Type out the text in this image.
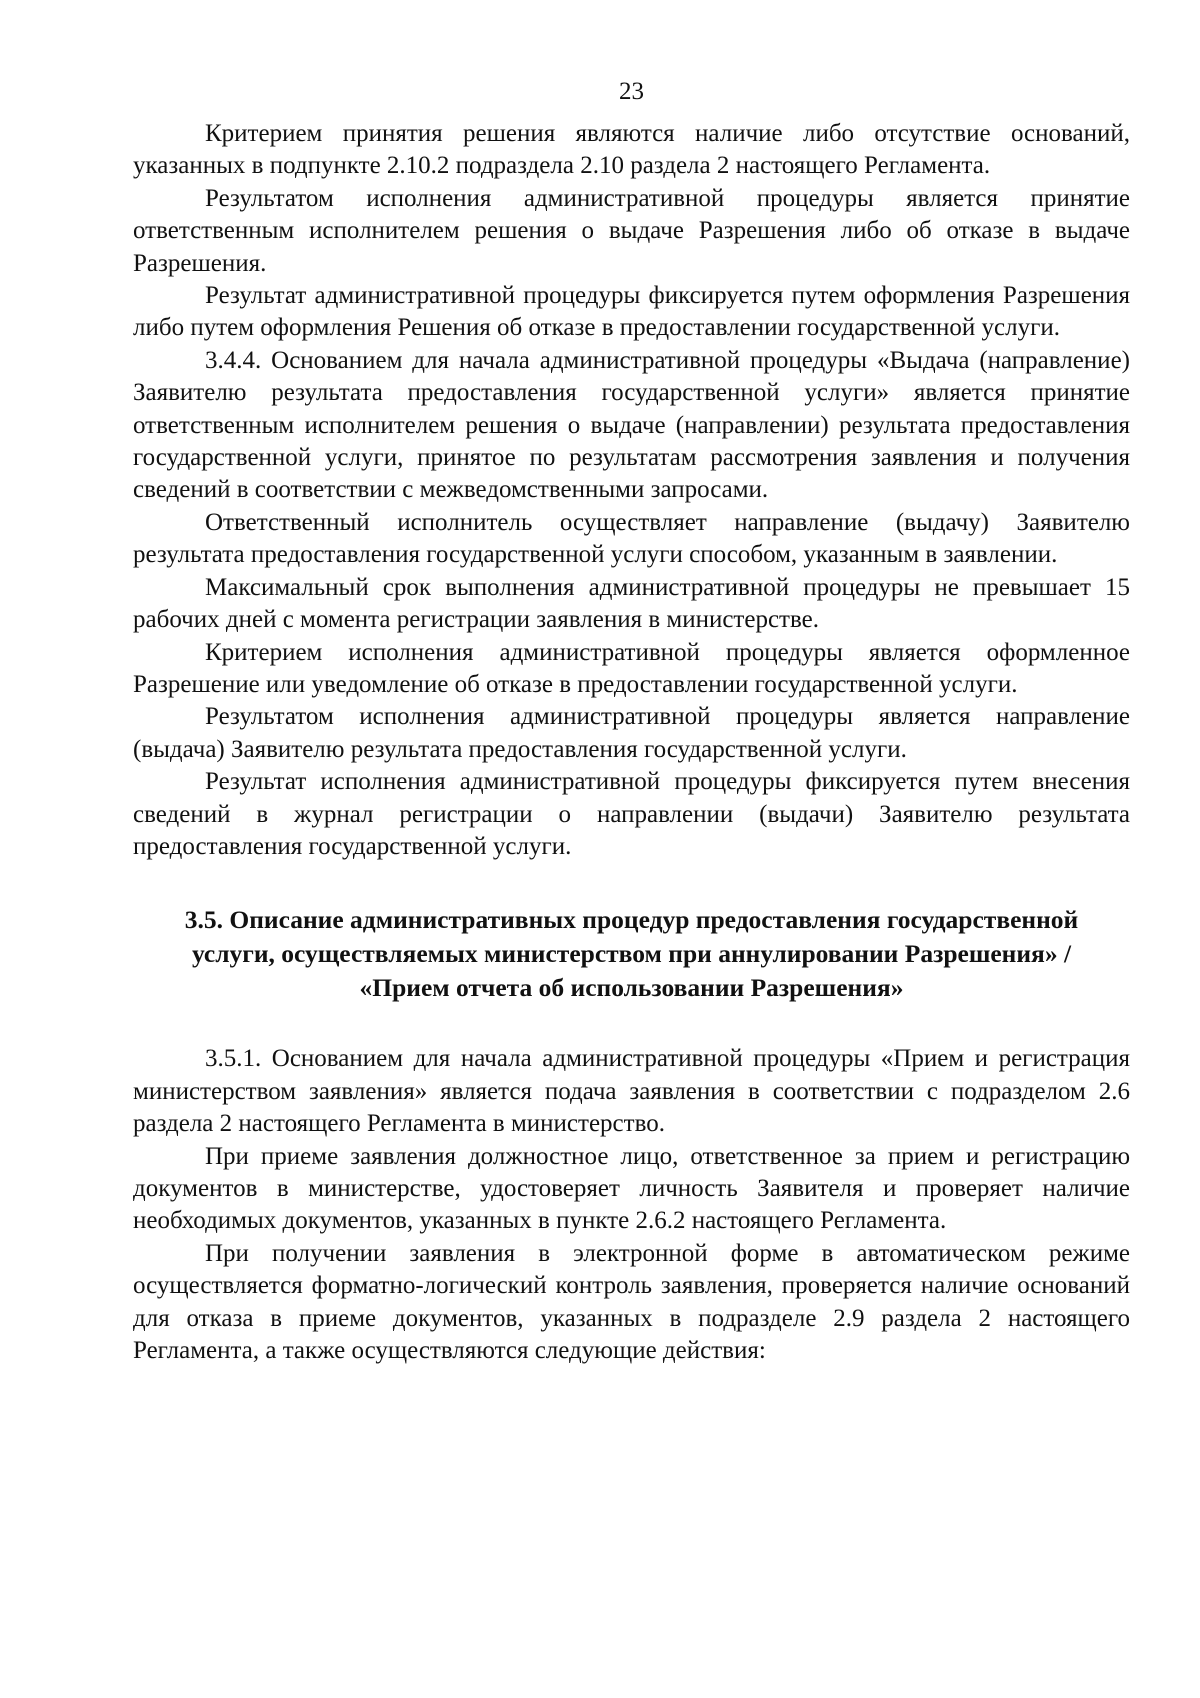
23

Критерием принятия решения являются наличие либо отсутствие оснований, указанных в подпункте 2.10.2 подраздела 2.10 раздела 2 настоящего Регламента.

Результатом исполнения административной процедуры является принятие ответственным исполнителем решения о выдаче Разрешения либо об отказе в выдаче Разрешения.

Результат административной процедуры фиксируется путем оформления Разрешения либо путем оформления Решения об отказе в предоставлении государственной услуги.

3.4.4. Основанием для начала административной процедуры «Выдача (направление) Заявителю результата предоставления государственной услуги» является принятие ответственным исполнителем решения о выдаче (направлении) результата предоставления государственной услуги, принятое по результатам рассмотрения заявления и получения сведений в соответствии с межведомственными запросами.

Ответственный исполнитель осуществляет направление (выдачу) Заявителю результата предоставления государственной услуги способом, указанным в заявлении.

Максимальный срок выполнения административной процедуры не превышает 15 рабочих дней с момента регистрации заявления в министерстве.

Критерием исполнения административной процедуры является оформленное Разрешение или уведомление об отказе в предоставлении государственной услуги.

Результатом исполнения административной процедуры является направление (выдача) Заявителю результата предоставления государственной услуги.

Результат исполнения административной процедуры фиксируется путем внесения сведений в журнал регистрации о направлении (выдачи) Заявителю результата предоставления государственной услуги.

3.5. Описание административных процедур предоставления государственной
услуги, осуществляемых министерством при аннулировании Разрешения» /
«Прием отчета об использовании Разрешения»

3.5.1. Основанием для начала административной процедуры «Прием и регистрация министерством заявления» является подача заявления в соответствии с подразделом 2.6 раздела 2 настоящего Регламента в министерство.

При приеме заявления должностное лицо, ответственное за прием и регистрацию документов в министерстве, удостоверяет личность Заявителя и проверяет наличие необходимых документов, указанных в пункте 2.6.2 настоящего Регламента.

При получении заявления в электронной форме в автоматическом режиме осуществляется форматно-логический контроль заявления, проверяется наличие оснований для отказа в приеме документов, указанных в подразделе 2.9 раздела 2 настоящего Регламента, а также осуществляются следующие действия:
